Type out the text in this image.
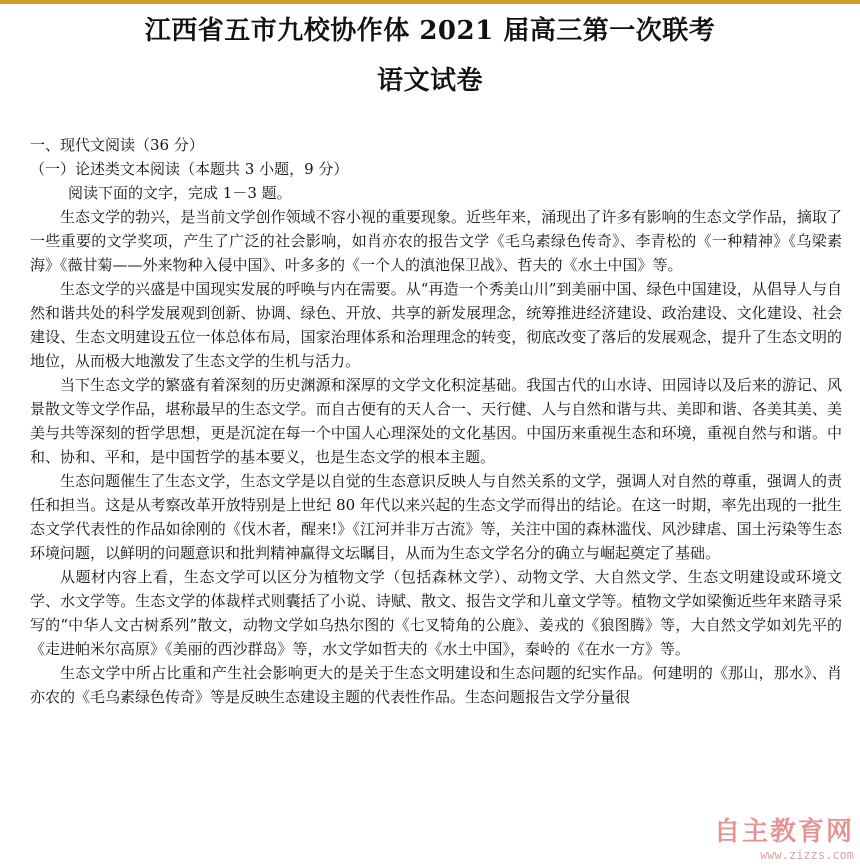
江西省五市九校协作体 2021 届高三第一次联考
语文试卷

一、现代文阅读（36 分）

（一）论述类文本阅读（本题共 3 小题，9 分）

阅读下面的文字，完成 1－3 题。

生态文学的勃兴，是当前文学创作领域不容小视的重要现象。近些年来，涌现出了许多有影响的生态文学作品，摘取了一些重要的文学奖项，产生了广泛的社会影响，如肖亦农的报告文学《毛乌素绿色传奇》、李青松的《一种精神》《乌梁素海》《薇甘菊——外来物种入侵中国》、叶多多的《一个人的滇池保卫战》、哲夫的《水土中国》等。

生态文学的兴盛是中国现实发展的呼唤与内在需要。从“再造一个秀美山川”到美丽中国、绿色中国建设，从倡导人与自然和谐共处的科学发展观到创新、协调、绿色、开放、共享的新发展理念，统筹推进经济建设、政治建设、文化建设、社会建设、生态文明建设五位一体总体布局，国家治理体系和治理理念的转变，彻底改变了落后的发展观念，提升了生态文明的地位，从而极大地激发了生态文学的生机与活力。

当下生态文学的繁盛有着深刻的历史渊源和深厚的文学文化积淀基础。我国古代的山水诗、田园诗以及后来的游记、风景散文等文学作品，堪称最早的生态文学。而自古便有的天人合一、天行健、人与自然和谐与共、美即和谐、各美其美、美美与共等深刻的哲学思想，更是沉淀在每一个中国人心理深处的文化基因。中国历来重视生态和环境，重视自然与和谐。中和、协和、平和，是中国哲学的基本要义，也是生态文学的根本主题。

生态问题催生了生态文学，生态文学是以自觉的生态意识反映人与自然关系的文学，强调人对自然的尊重，强调人的责任和担当。这是从考察改革开放特别是上世纪 80 年代以来兴起的生态文学而得出的结论。在这一时期，率先出现的一批生态文学代表性的作品如徐刚的《伐木者，醒来!》《江河并非万古流》等，关注中国的森林滥伐、风沙肆虐、国土污染等生态环境问题，以鲜明的问题意识和批判精神赢得文坛瞩目，从而为生态文学名分的确立与崛起奠定了基础。

从题材内容上看，生态文学可以区分为植物文学（包括森林文学）、动物文学、大自然文学、生态文明建设或环境文学、水文学等。生态文学的体裁样式则囊括了小说、诗赋、散文、报告文学和儿童文学等。植物文学如梁衡近些年来踏寻采写的“中华人文古树系列”散文，动物文学如乌热尔图的《七叉犄角的公鹿》、姜戎的《狼图腾》等，大自然文学如刘先平的《走进帕米尔高原》《美丽的西沙群岛》等，水文学如哲夫的《水土中国》，秦岭的《在水一方》等。

生态文学中所占比重和产生社会影响更大的是关于生态文明建设和生态问题的纪实作品。何建明的《那山，那水》、肖亦农的《毛乌素绿色传奇》等是反映生态建设主题的代表性作品。生态问题报告文学分量很

自主教育网
www.zizzs.com
